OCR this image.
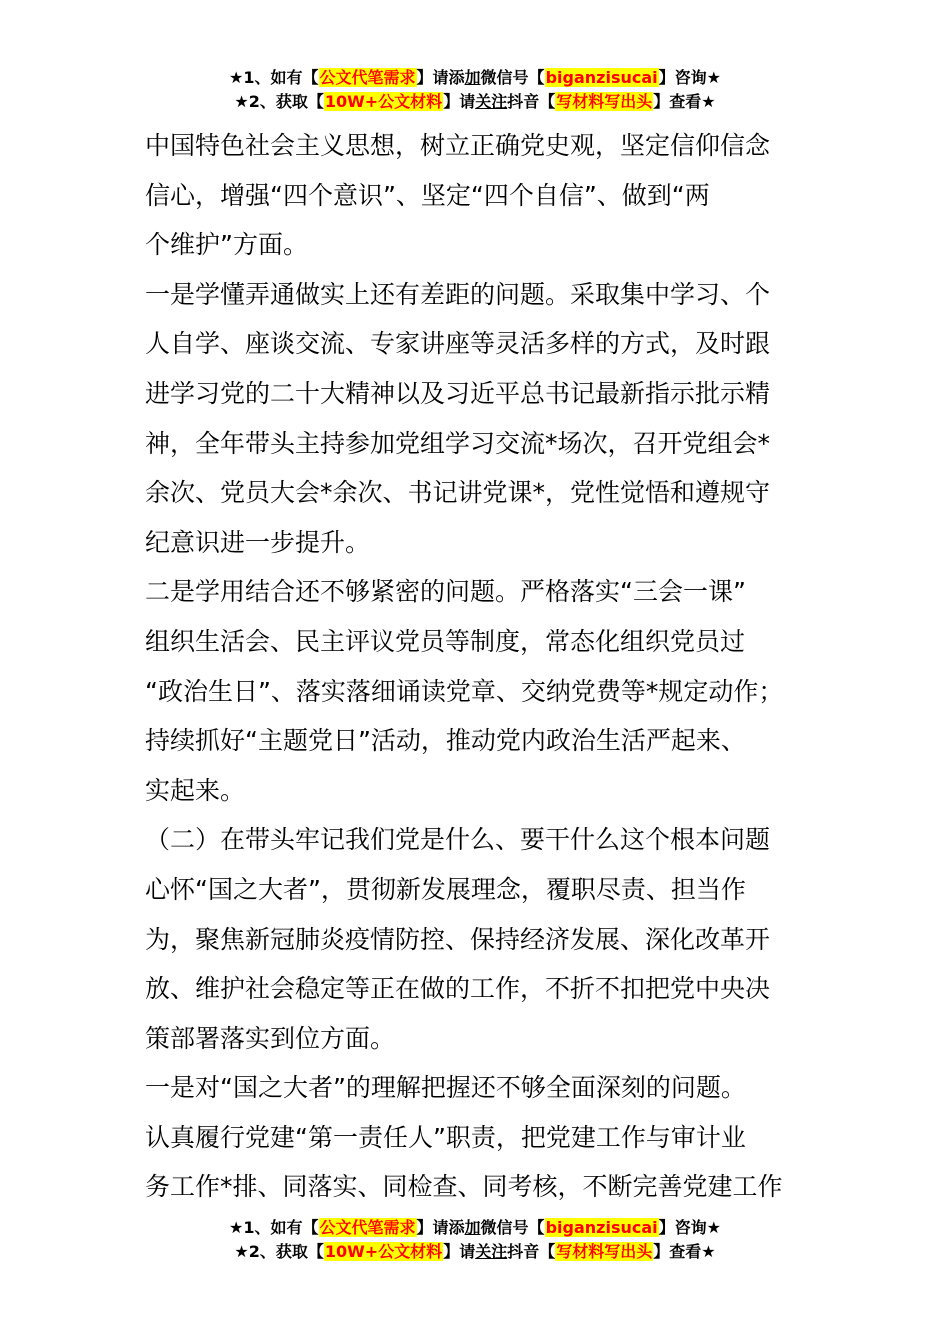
★1、如有【公文代笔需求】请添加微信号【biganzisucai】咨询★
★2、获取【10W+公文材料】请关注抖音【写材料写出头】查看★

中国特色社会主义思想，树立正确党史观，坚定信仰信念

信心，增强“四个意识”、坚定“四个自信”、做到“两

个维护”方面。

一是学懂弄通做实上还有差距的问题。采取集中学习、个

人自学、座谈交流、专家讲座等灵活多样的方式，及时跟

进学习党的二十大精神以及习近平总书记最新指示批示精

神，全年带头主持参加党组学习交流*场次，召开党组会*

余次、党员大会*余次、书记讲党课*，党性觉悟和遵规守

纪意识进一步提升。

二是学用结合还不够紧密的问题。严格落实“三会一课”

组织生活会、民主评议党员等制度，常态化组织党员过

“政治生日”、落实落细诵读党章、交纳党费等*规定动作；

持续抓好“主题党日”活动，推动党内政治生活严起来、

实起来。

（二）在带头牢记我们党是什么、要干什么这个根本问题

心怀“国之大者”，贯彻新发展理念，覆职尽责、担当作

为，聚焦新冠肺炎疫情防控、保持经济发展、深化改革开

放、维护社会稳定等正在做的工作，不折不扣把党中央决

策部署落实到位方面。

一是对“国之大者”的理解把握还不够全面深刻的问题。

认真履行党建“第一责任人”职责，把党建工作与审计业

务工作*排、同落实、同检查、同考核，不断完善党建工作

★1、如有【公文代笔需求】请添加微信号【biganzisucai】咨询★
★2、获取【10W+公文材料】请关注抖音【写材料写出头】查看★
